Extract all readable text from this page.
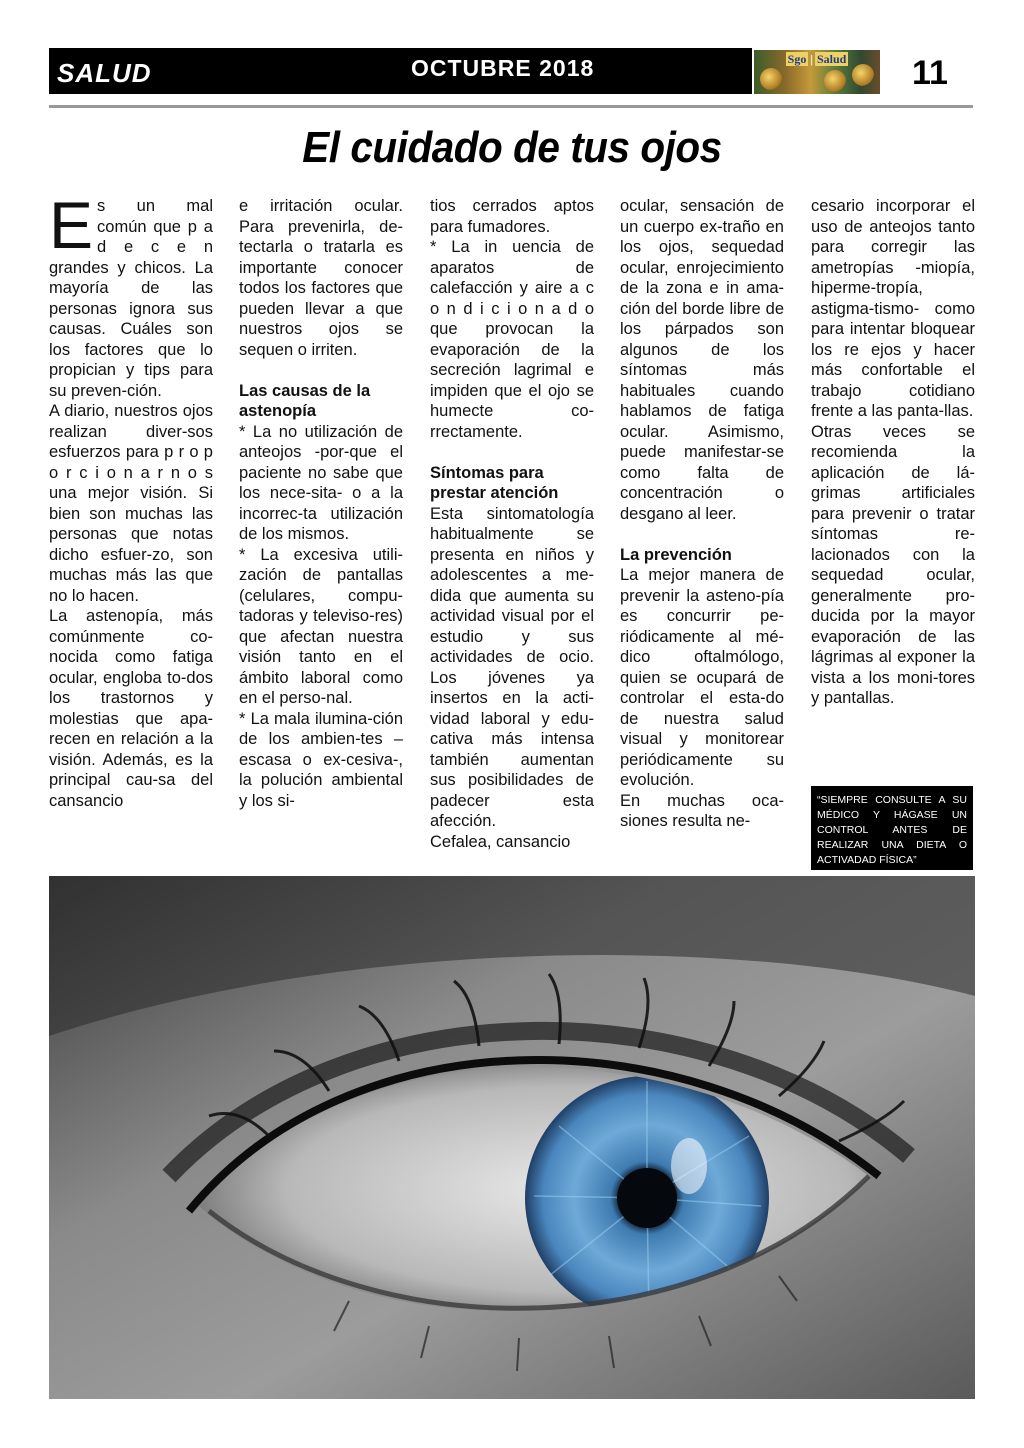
SALUD	OCTUBRE 2018	Sgo | Salud	11
El cuidado de tus ojos

Es un mal común que p a d e c e n grandes y chicos. La mayoría de las personas ignora sus causas. Cuáles son los factores que lo propician y tips para su preven-ción.

A diario, nuestros ojos realizan diver-sos esfuerzos para p r o p o r c i o n a r n o s una mejor visión. Si bien son muchas las personas que notas dicho esfuer-zo, son muchas más las que no lo hacen.

La astenopía, más comúnmente co-nocida como fatiga ocular, engloba to-dos los trastornos y molestias que apa-recen en relación a la visión. Además, es la principal cau-sa del cansancio

e irritación ocular. Para prevenirla, de-tectarla o tratarla es importante conocer todos los factores que pueden llevar a que nuestros ojos se sequen o irriten.

Las causas de la astenopía

* La no utilización de anteojos -por-que el paciente no sabe que los nece-sita- o a la incorrec-ta utilización de los mismos.

* La excesiva utili-zación de pantallas (celulares, compu-tadoras y televiso-res) que afectan nuestra visión tanto en el ámbito laboral como en el perso-nal.

* La mala ilumina-ción de los ambien-tes –escasa o ex-cesiva-, la polución ambiental y los si-

tios cerrados aptos para fumadores.

* La in uencia de aparatos de calefacción y aire a c o n d i c i o n a d o que provocan la evaporación de la secreción lagrimal e impiden que el ojo se humecte co-rrectamente.

Síntomas para prestar atención

Esta sintomatología habitualmente se presenta en niños y adolescentes a me-dida que aumenta su actividad visual por el estudio y sus actividades de ocio. Los jóvenes ya insertos en la acti-vidad laboral y edu-cativa más intensa también aumentan sus posibilidades de padecer esta afección.

Cefalea, cansancio

ocular, sensación de un cuerpo ex-traño en los ojos, sequedad ocular, enrojecimiento de la zona e in ama-ción del borde libre de los párpados son algunos de los síntomas más habituales cuando hablamos de fatiga ocular. Asimismo, puede manifestar-se como falta de concentración o desgano al leer.

La prevención

La mejor manera de prevenir la asteno-pía es concurrir pe-riódicamente al mé-dico oftalmólogo, quien se ocupará de controlar el esta-do de nuestra salud visual y monitorear periódicamente su evolución.

En muchas oca-siones resulta ne-

cesario incorporar el uso de anteojos tanto para corregir las ametropías -miopía, hiperme-tropía, astigma-tismo- como para intentar bloquear los re ejos y hacer más confortable el trabajo cotidiano frente a las panta-llas.

Otras veces se recomienda la aplicación de lá-grimas artificiales para prevenir o tratar síntomas re-lacionados con la sequedad ocular, generalmente pro-ducida por la mayor evaporación de las lágrimas al exponer la vista a los moni-tores y pantallas.

“SIEMPRE CONSULTE A SU MÉDICO Y HÁGASE UN CONTROL ANTES DE REALIZAR UNA DIETA O ACTIVADAD FÍSICA”
